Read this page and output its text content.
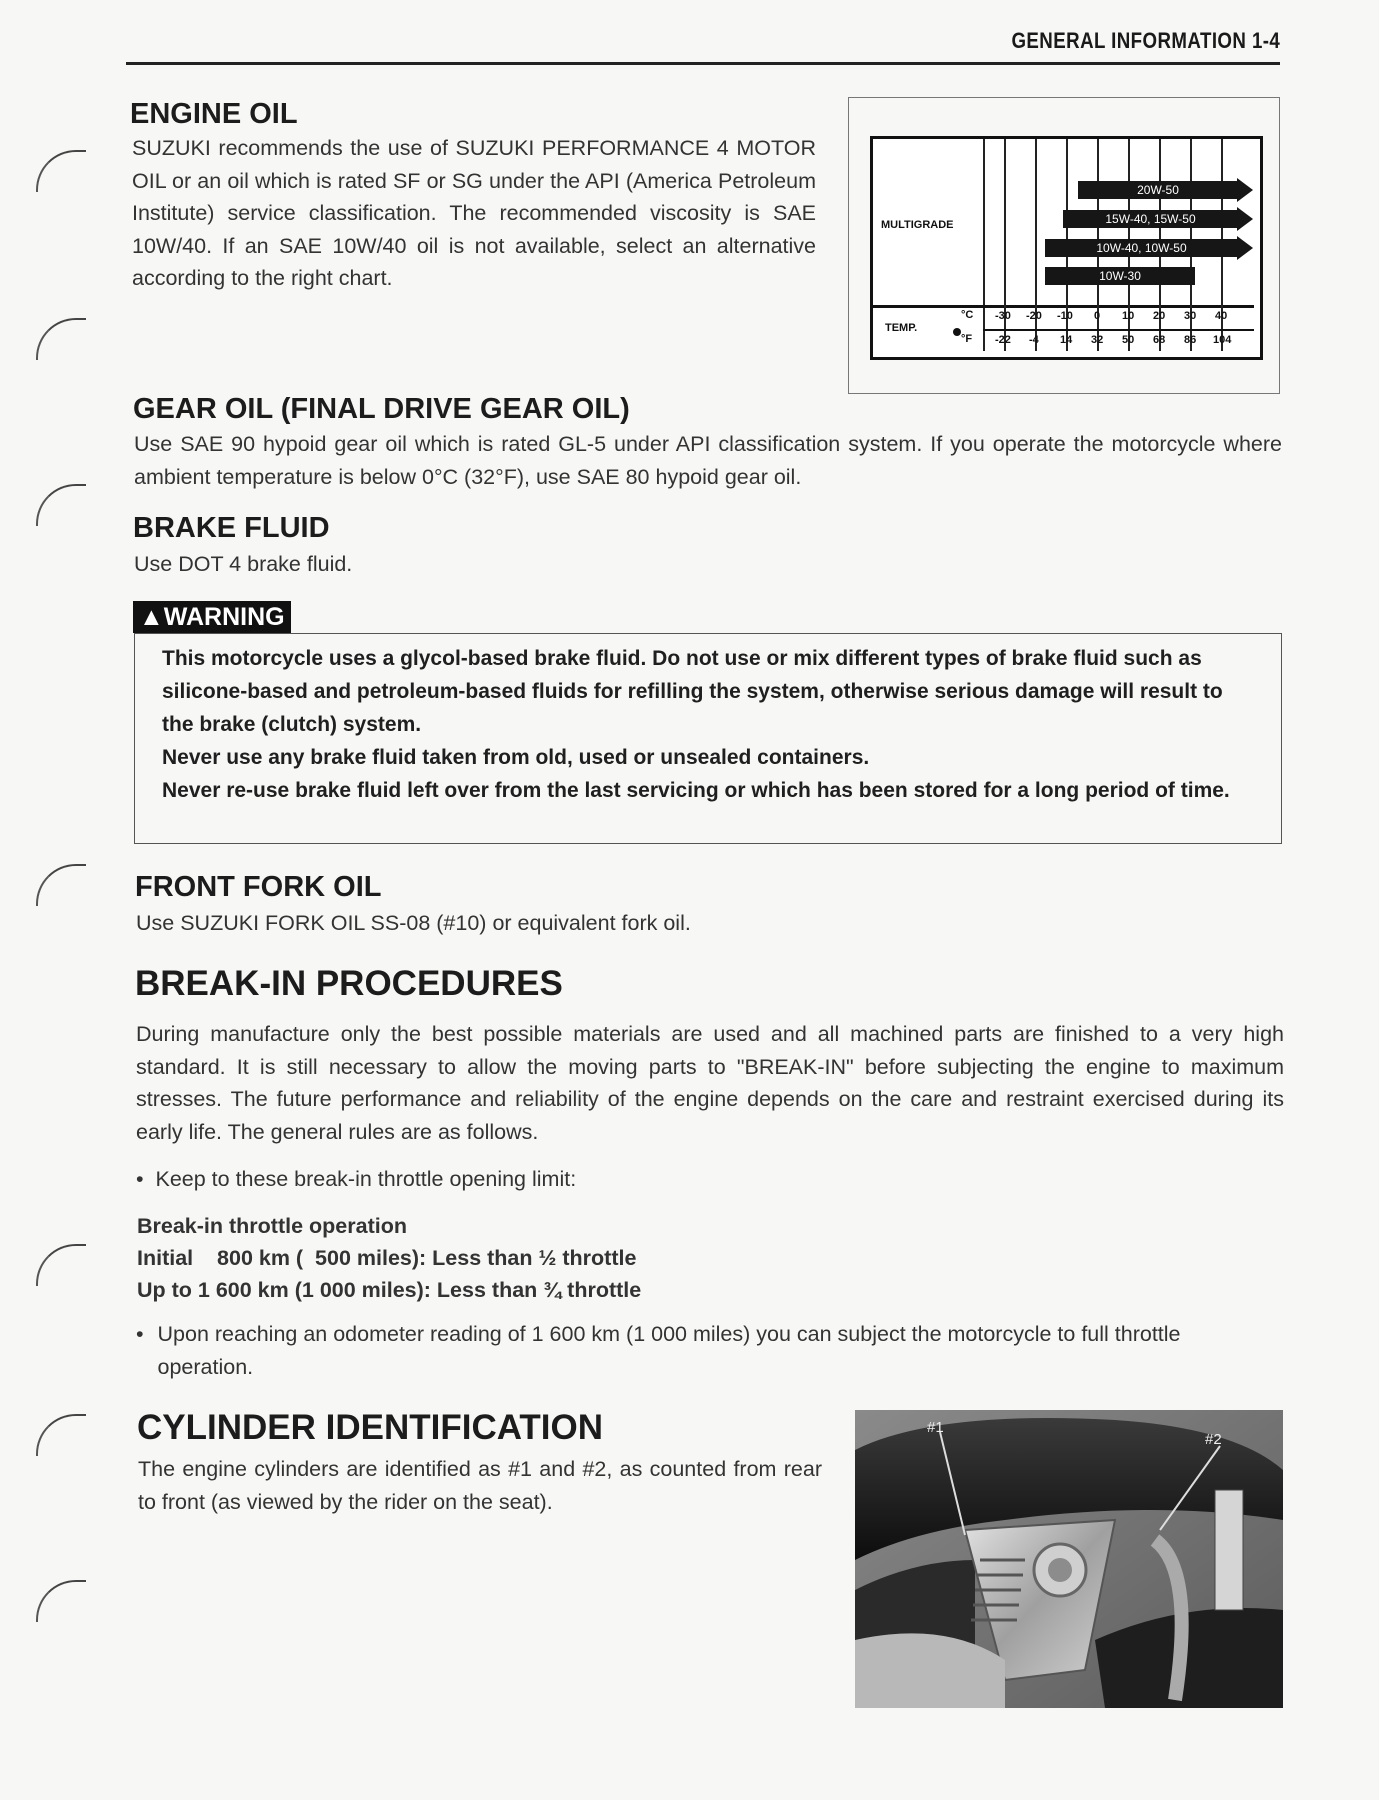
GENERAL INFORMATION 1-4
ENGINE OIL

SUZUKI recommends the use of SUZUKI PERFORMANCE 4 MOTOR OIL or an oil which is rated SF or SG under the API (America Petroleum Institute) service classification. The recommended viscosity is SAE 10W/40. If an SAE 10W/40 oil is not available, select an alternative according to the right chart.

MULTIGRADE
20W-50
15W-40, 15W-50
10W-40, 10W-50
10W-30
TEMP.
°C
°F
-30 -20 -10 0 10 20 30 40
-22 -4 14 32 50 68 86 104
GEAR OIL (FINAL DRIVE GEAR OIL)

Use SAE 90 hypoid gear oil which is rated GL-5 under API classification system. If you operate the motorcycle where ambient temperature is below 0°C (32°F), use SAE 80 hypoid gear oil.

BRAKE FLUID

Use DOT 4 brake fluid.

▲WARNING
This motorcycle uses a glycol-based brake fluid. Do not use or mix different types of brake fluid such as silicone-based and petroleum-based fluids for refilling the system, otherwise serious damage will result to the brake (clutch) system.
Never use any brake fluid taken from old, used or unsealed containers.
Never re-use brake fluid left over from the last servicing or which has been stored for a long period of time.
FRONT FORK OIL

Use SUZUKI FORK OIL SS-08 (#10) or equivalent fork oil.

BREAK-IN PROCEDURES

During manufacture only the best possible materials are used and all machined parts are finished to a very high standard. It is still necessary to allow the moving parts to "BREAK-IN" before subjecting the engine to maximum stresses. The future performance and reliability of the engine depends on the care and restraint exercised during its early life. The general rules are as follows.

• Keep to these break-in throttle opening limit:
Break-in throttle operation
Initial    800 km (  500 miles): Less than ½ throttle
Up to 1 600 km (1 000 miles): Less than ¾ throttle
• Upon reaching an odometer reading of 1 600 km (1 000 miles) you can subject the motorcycle to full throttle operation.
CYLINDER IDENTIFICATION

The engine cylinders are identified as #1 and #2, as counted from rear to front (as viewed by the rider on the seat).

#1
#2
